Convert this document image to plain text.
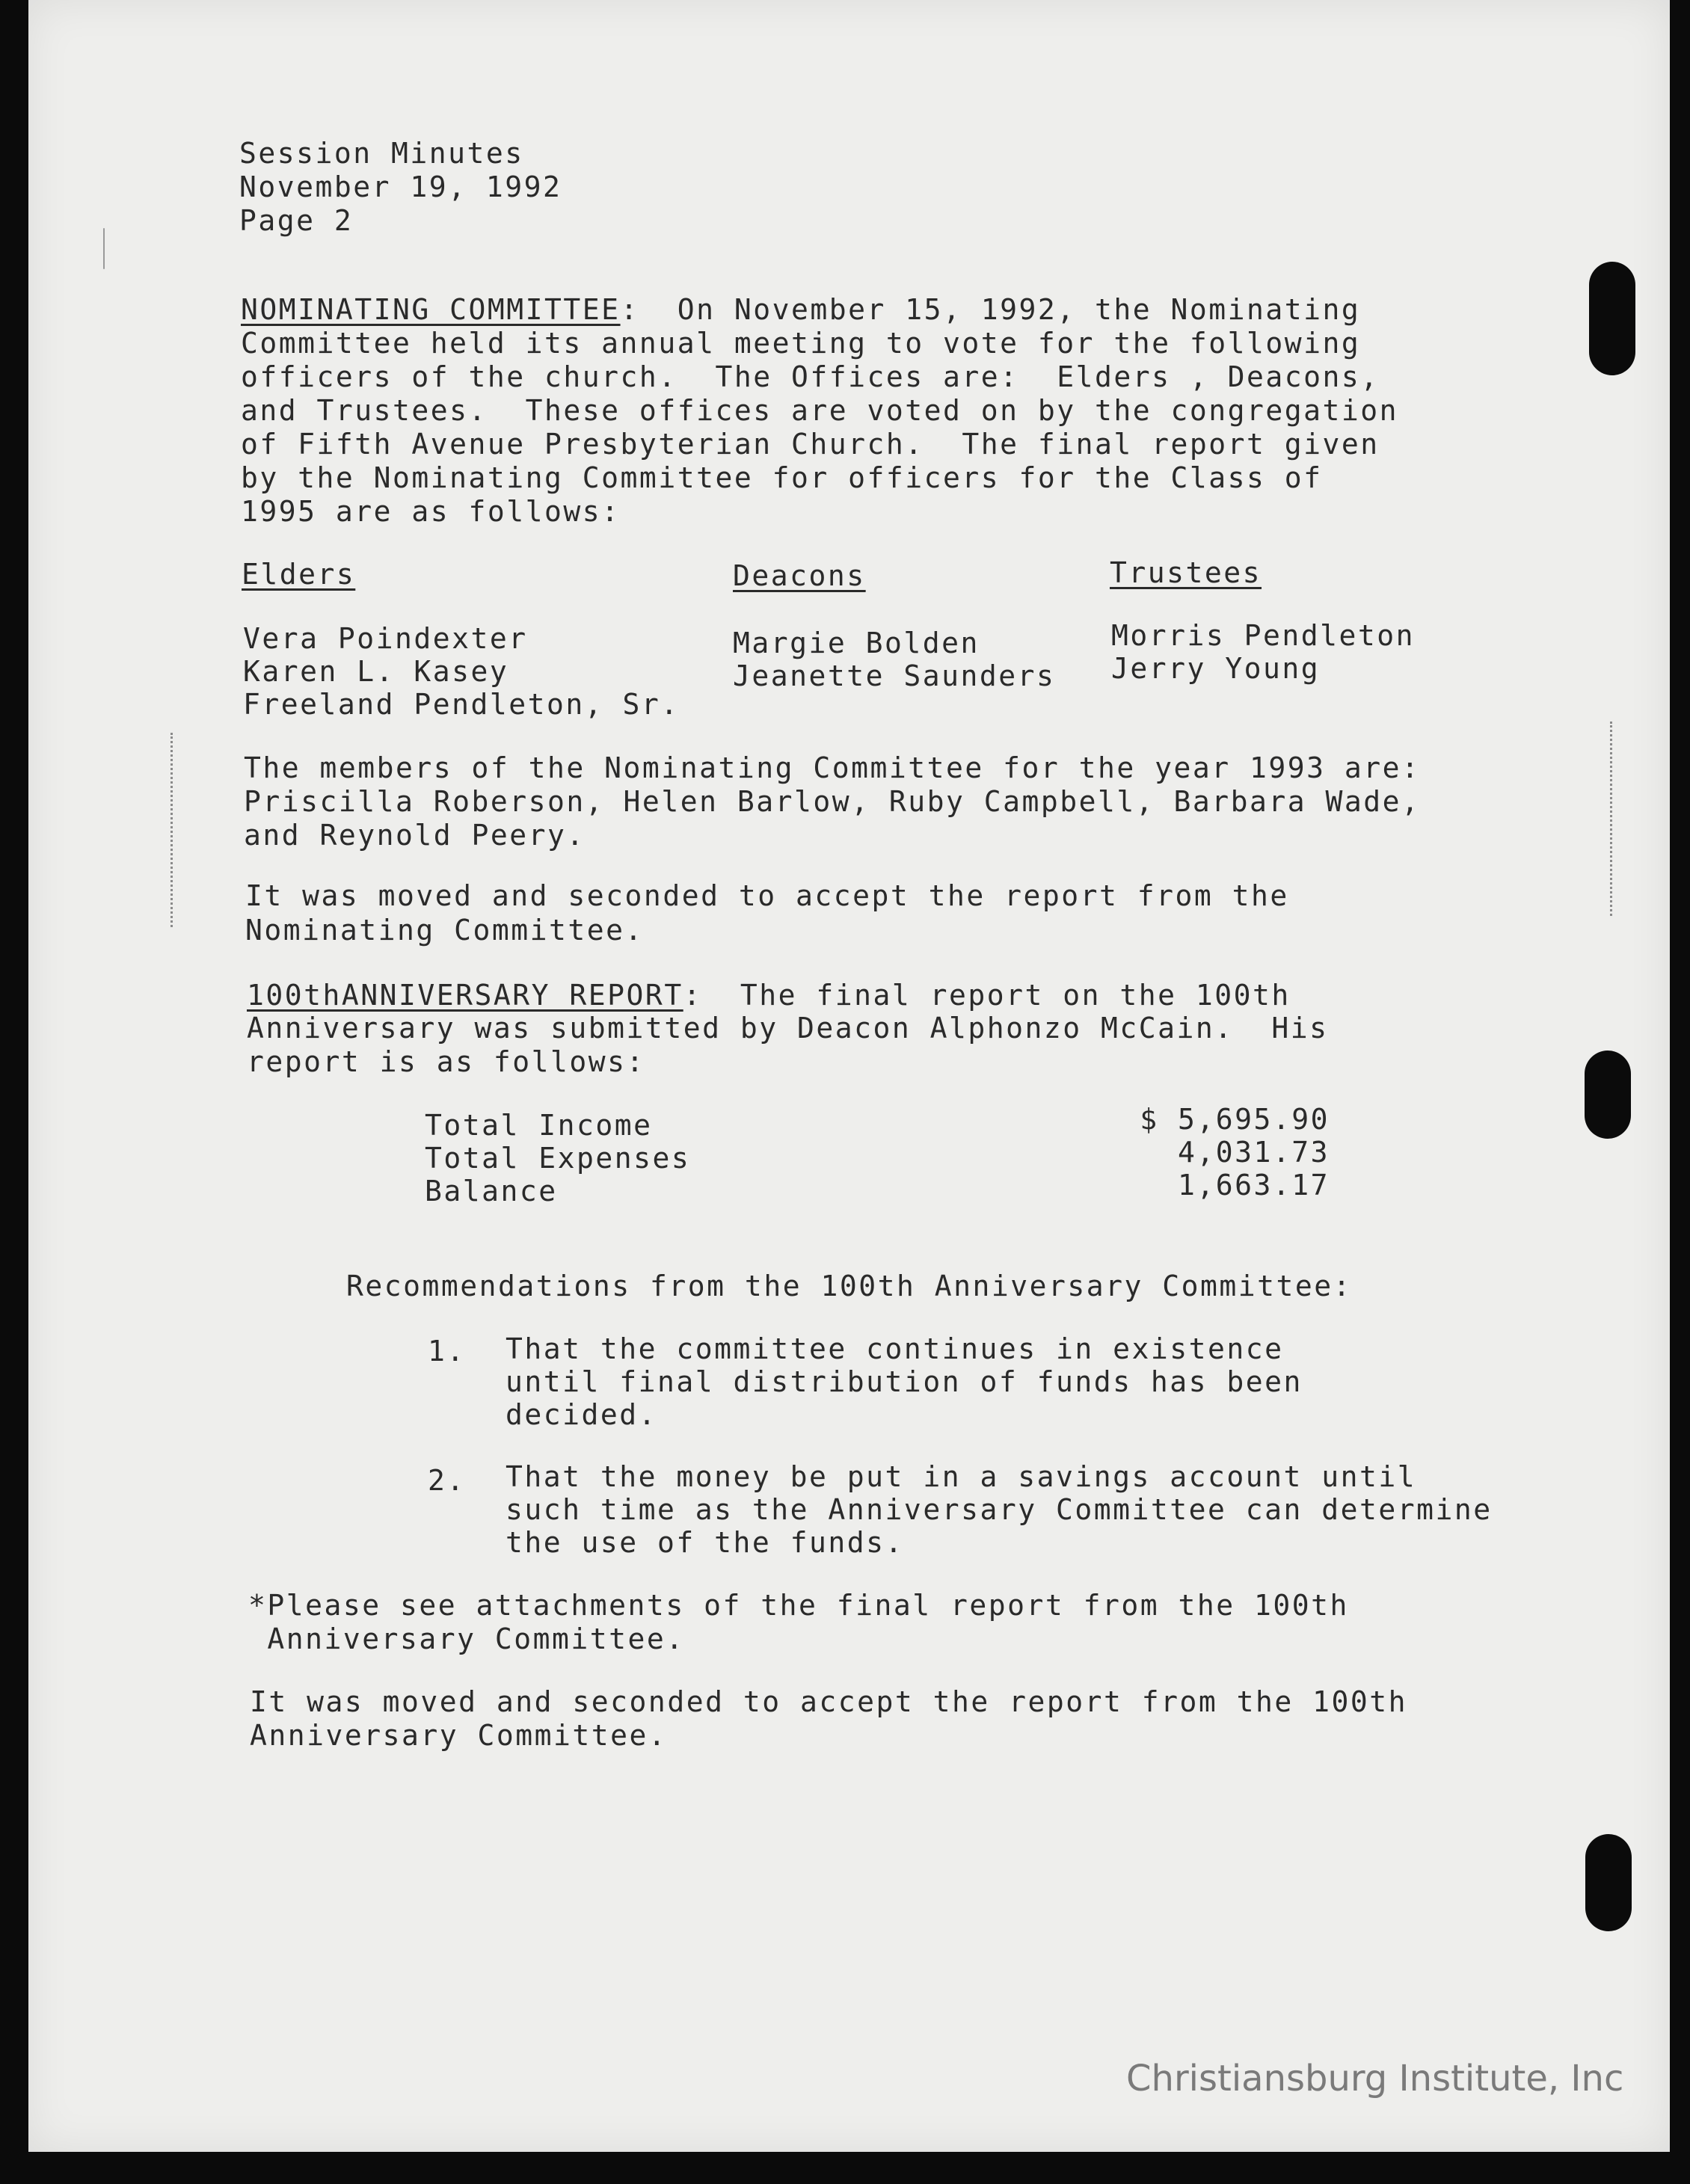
Session Minutes
November 19, 1992
Page 2
NOMINATING COMMITTEE:  On November 15, 1992, the Nominating
Committee held its annual meeting to vote for the following
officers of the church.  The Offices are:  Elders , Deacons,
and Trustees.  These offices are voted on by the congregation
of Fifth Avenue Presbyterian Church.  The final report given
by the Nominating Committee for officers for the Class of
1995 are as follows:
Elders	Deacons	Trustees
Vera Poindexter
Karen L. Kasey
Freeland Pendleton, Sr.
Margie Bolden
Jeanette Saunders
Morris Pendleton
Jerry Young
The members of the Nominating Committee for the year 1993 are:
Priscilla Roberson, Helen Barlow, Ruby Campbell, Barbara Wade,
and Reynold Peery.
It was moved and seconded to accept the report from the
Nominating Committee.
100thANNIVERSARY REPORT:  The final report on the 100th
Anniversary was submitted by Deacon Alphonzo McCain.  His
report is as follows:
Total Income
Total Expenses
Balance
$ 5,695.90
4,031.73
1,663.17
Recommendations from the 100th Anniversary Committee:
1. That the committee continues in existence
until final distribution of funds has been
decided.
2. That the money be put in a savings account until
such time as the Anniversary Committee can determine
the use of the funds.
*Please see attachments of the final report from the 100th
Anniversary Committee.
It was moved and seconded to accept the report from the 100th
Anniversary Committee.
Christiansburg Institute, Inc
